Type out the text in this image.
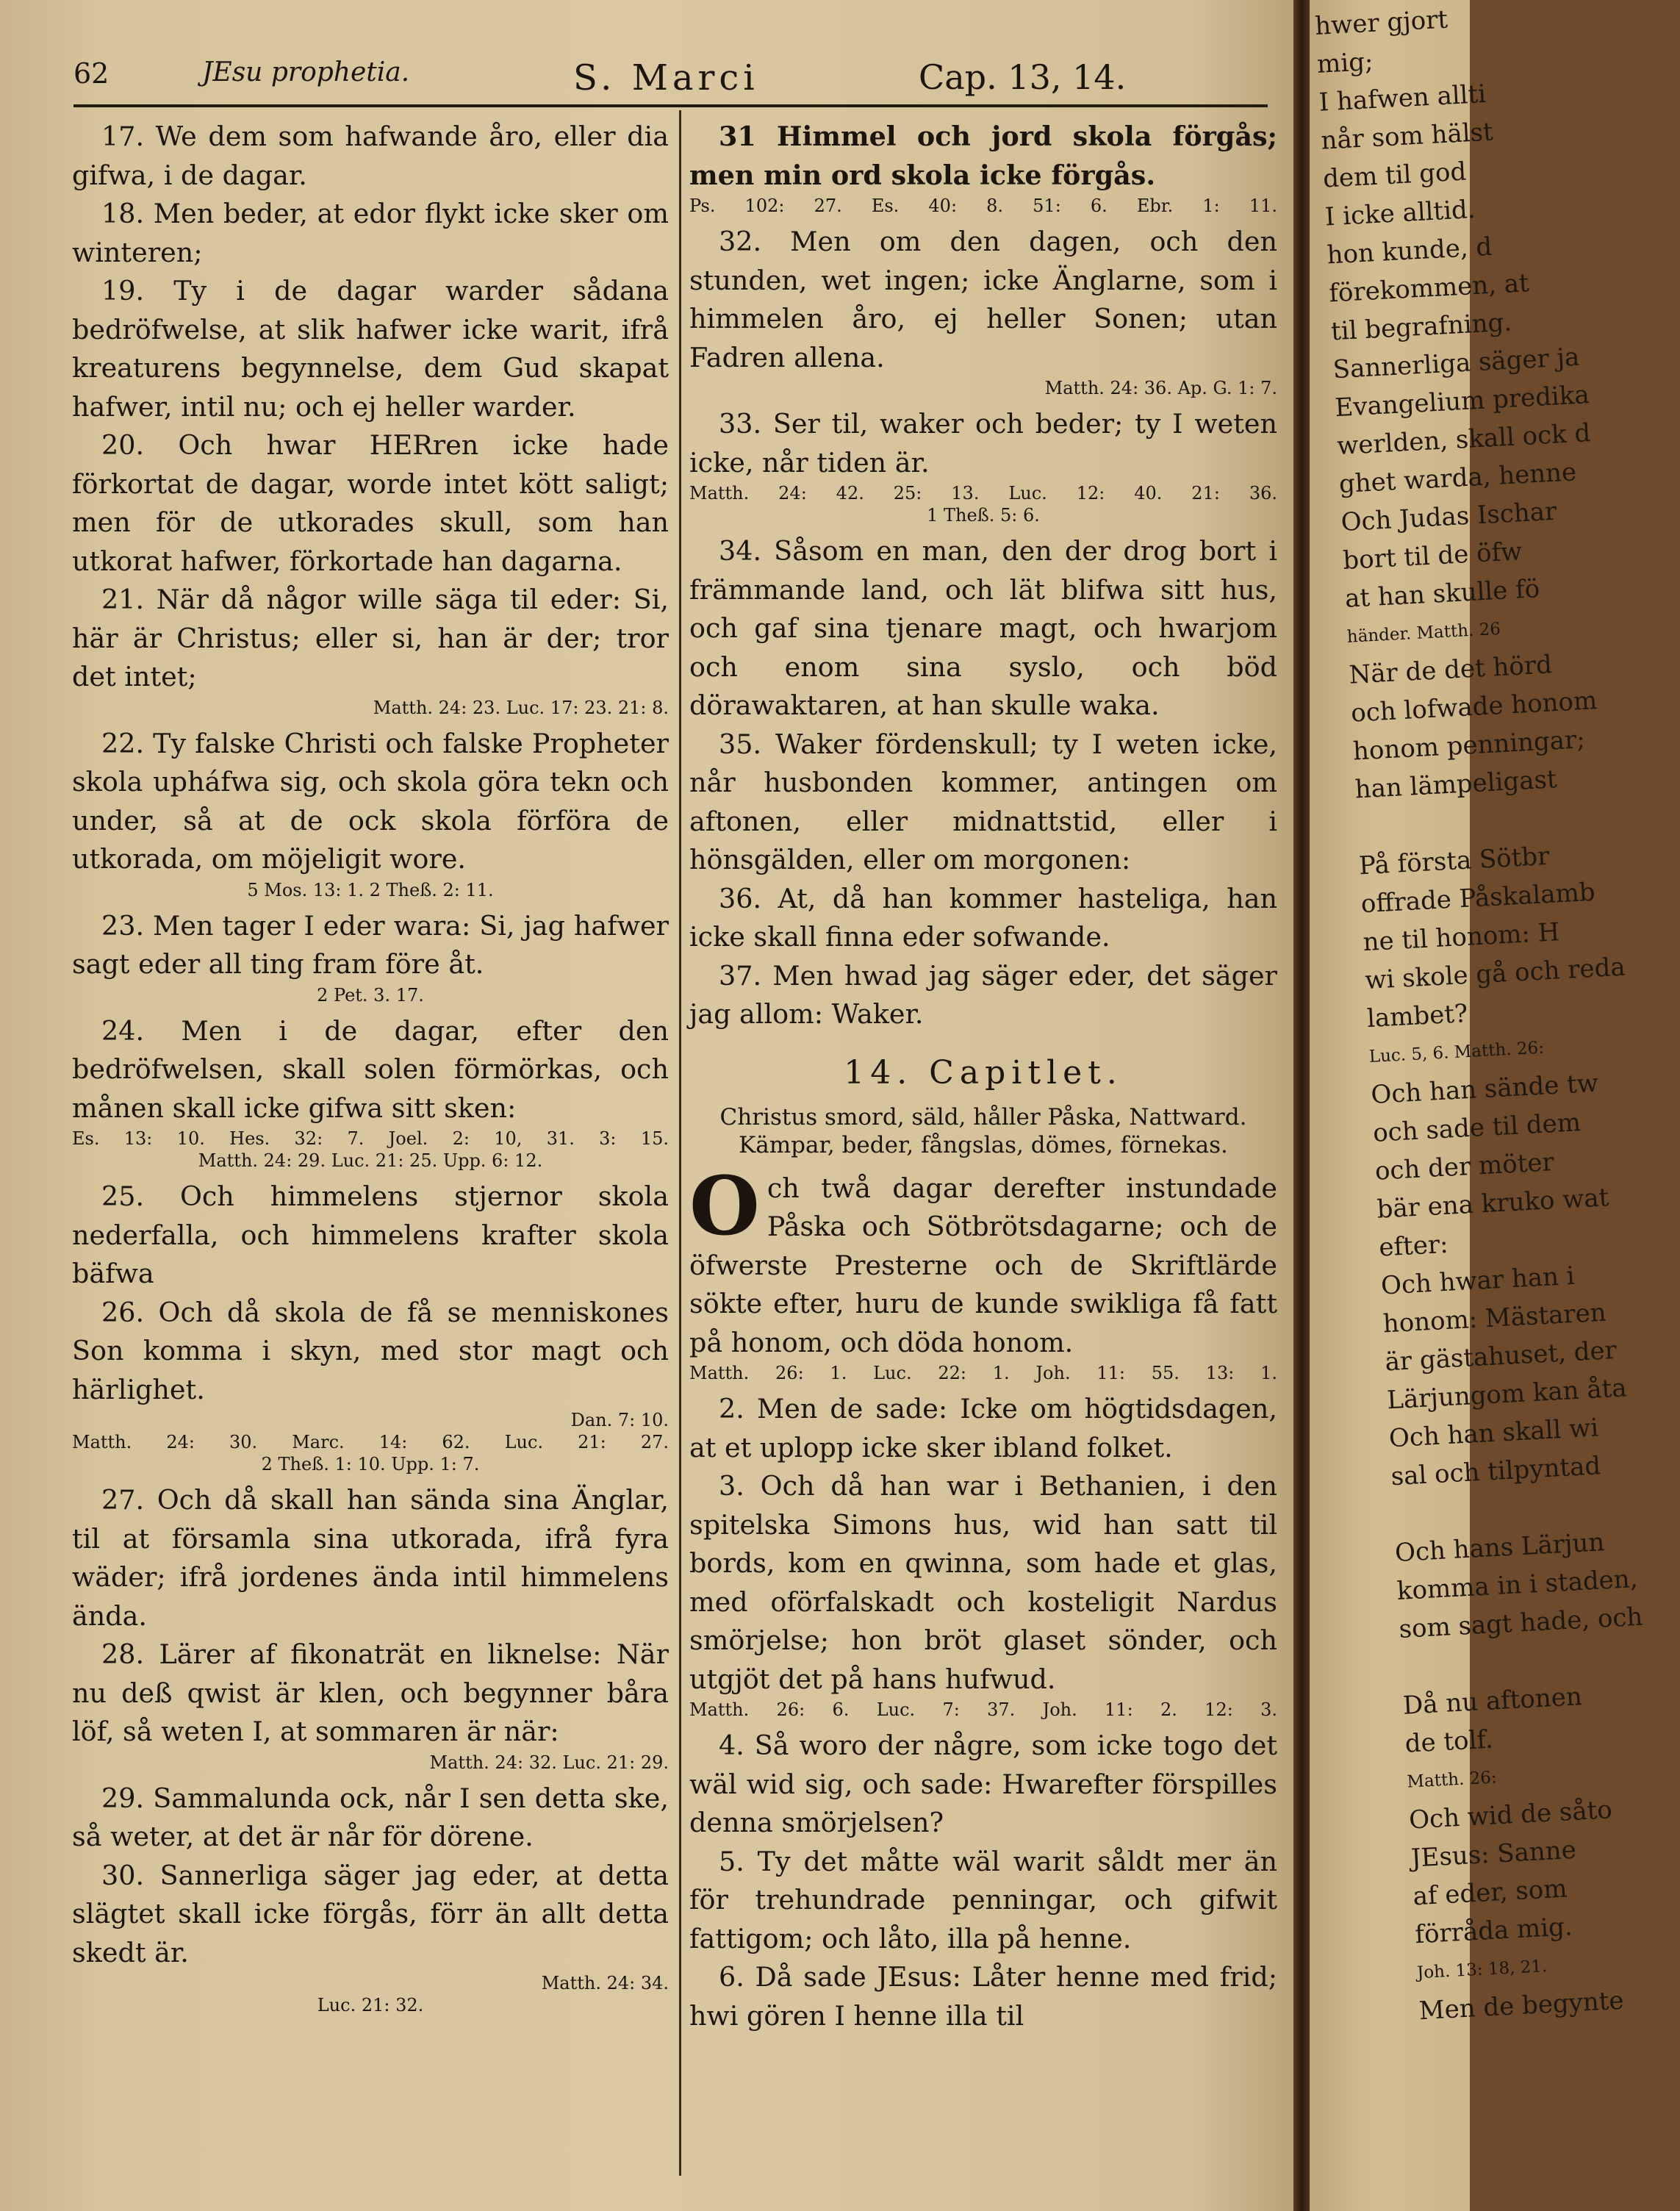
62	JEsu prophetia.	S. Marci	Cap. 13, 14.

17. We dem som hafwande åro, eller dia gifwa, i de dagar.

18. Men beder, at edor flykt icke sker om winteren;

19. Ty i de dagar warder sådana bedröfwelse, at slik hafwer icke warit, ifrå kreaturens begynnelse, dem Gud skapat hafwer, intil nu; och ej heller warder.

20. Och hwar HERren icke hade förkortat de dagar, worde intet kött saligt; men för de utkorades skull, som han utkorat hafwer, förkortade han dagarna.

21. När då någor wille säga til eder: Si, här är Christus; eller si, han är der; tror det intet;

Matth. 24: 23. Luc. 17: 23. 21: 8.

22. Ty falske Christi och falske Propheter skola upháfwa sig, och skola göra tekn och under, så at de ock skola förföra de utkorada, om möjeligit wore.

5 Mos. 13: 1. 2 Theß. 2: 11.

23. Men tager I eder wara: Si, jag hafwer sagt eder all ting fram före åt.

2 Pet. 3. 17.

24. Men i de dagar, efter den bedröfwelsen, skall solen förmörkas, och månen skall icke gifwa sitt sken:

Es. 13: 10. Hes. 32: 7. Joel. 2: 10, 31. 3: 15.

Matth. 24: 29. Luc. 21: 25. Upp. 6: 12.

25. Och himmelens stjernor skola nederfalla, och himmelens krafter skola bäfwa

26. Och då skola de få se menniskones Son komma i skyn, med stor magt och härlighet.

Dan. 7: 10.

Matth. 24: 30. Marc. 14: 62. Luc. 21: 27.

2 Theß. 1: 10. Upp. 1: 7.

27. Och då skall han sända sina Änglar, til at församla sina utkorada, ifrå fyra wäder; ifrå jordenes ända intil himmelens ända.

28. Lärer af fikonaträt en liknelse: När nu deß qwist är klen, och begynner båra löf, så weten I, at sommaren är när:

Matth. 24: 32. Luc. 21: 29.

29. Sammalunda ock, når I sen detta ske, så weter, at det är når för dörene.

30. Sannerliga säger jag eder, at detta slägtet skall icke förgås, förr än allt detta skedt är.

Matth. 24: 34.

Luc. 21: 32.

31 Himmel och jord skola förgås; men min ord skola icke förgås.

Ps. 102: 27. Es. 40: 8. 51: 6. Ebr. 1: 11.

32. Men om den dagen, och den stunden, wet ingen; icke Änglarne, som i himmelen åro, ej heller Sonen; utan Fadren allena.

Matth. 24: 36. Ap. G. 1: 7.

33. Ser til, waker och beder; ty I weten icke, når tiden är.

Matth. 24: 42. 25: 13. Luc. 12: 40. 21: 36.

1 Theß. 5: 6.

34. Såsom en man, den der drog bort i främmande land, och lät blifwa sitt hus, och gaf sina tjenare magt, och hwarjom och enom sina syslo, och böd dörawaktaren, at han skulle waka.

35. Waker fördenskull; ty I weten icke, når husbonden kommer, antingen om aftonen, eller midnattstid, eller i hönsgälden, eller om morgonen:

36. At, då han kommer hasteliga, han icke skall finna eder sofwande.

37. Men hwad jag säger eder, det säger jag allom: Waker.

14. Capitlet.

Christus smord, säld, håller Påska, Nattward. Kämpar, beder, fångslas, dömes, förnekas.

Och twå dagar derefter instundade Påska och Sötbrötsdagarne; och de öfwerste Presterne och de Skriftlärde sökte efter, huru de kunde swikliga få fatt på honom, och döda honom.

Matth. 26: 1. Luc. 22: 1. Joh. 11: 55. 13: 1.

2. Men de sade: Icke om högtidsdagen, at et uplopp icke sker ibland folket.

3. Och då han war i Bethanien, i den spitelska Simons hus, wid han satt til bords, kom en qwinna, som hade et glas, med oförfalskadt och kosteligit Nardus smörjelse; hon bröt glaset sönder, och utgjöt det på hans hufwud.

Matth. 26: 6. Luc. 7: 37. Joh. 11: 2. 12: 3.

4. Så woro der någre, som icke togo det wäl wid sig, och sade: Hwarefter förspilles denna smörjelsen?

5. Ty det måtte wäl warit såldt mer än för trehundrade penningar, och gifwit fattigom; och låto, illa på henne.

6. Då sade JEsus: Låter henne med frid; hwi gören I henne illa til

hwer gjort

mig;

I hafwen allti

når som hälst

dem til god

I icke alltid.

hon kunde, d

förekommen, at

til begrafning.

Sannerliga säger ja

Evangelium predika

werlden, skall ock d

ghet warda, henne

Och Judas Ischar

bort til de öfw

at han skulle fö

händer. Matth. 26

När de det hörd

och lofwade honom

honom penningar;

han lämpeligast

På första Sötbr

offrade Påskalamb

ne til honom: H

wi skole gå och reda

lambet?

Luc. 5, 6. Matth. 26:

Och han sände tw

och sade til dem

och der möter

bär ena kruko wat

efter:

Och hwar han i

honom: Mästaren

är gästahuset, der

Lärjungom kan åta

Och han skall wi

sal och tilpyntad

Och hans Lärjun

komma in i staden,

som sagt hade, och

Då nu aftonen

de tolf.

Matth. 26:

Och wid de såto

JEsus: Sanne

af eder, som

förråda mig.

Joh. 13: 18, 21.

Men de begynte
